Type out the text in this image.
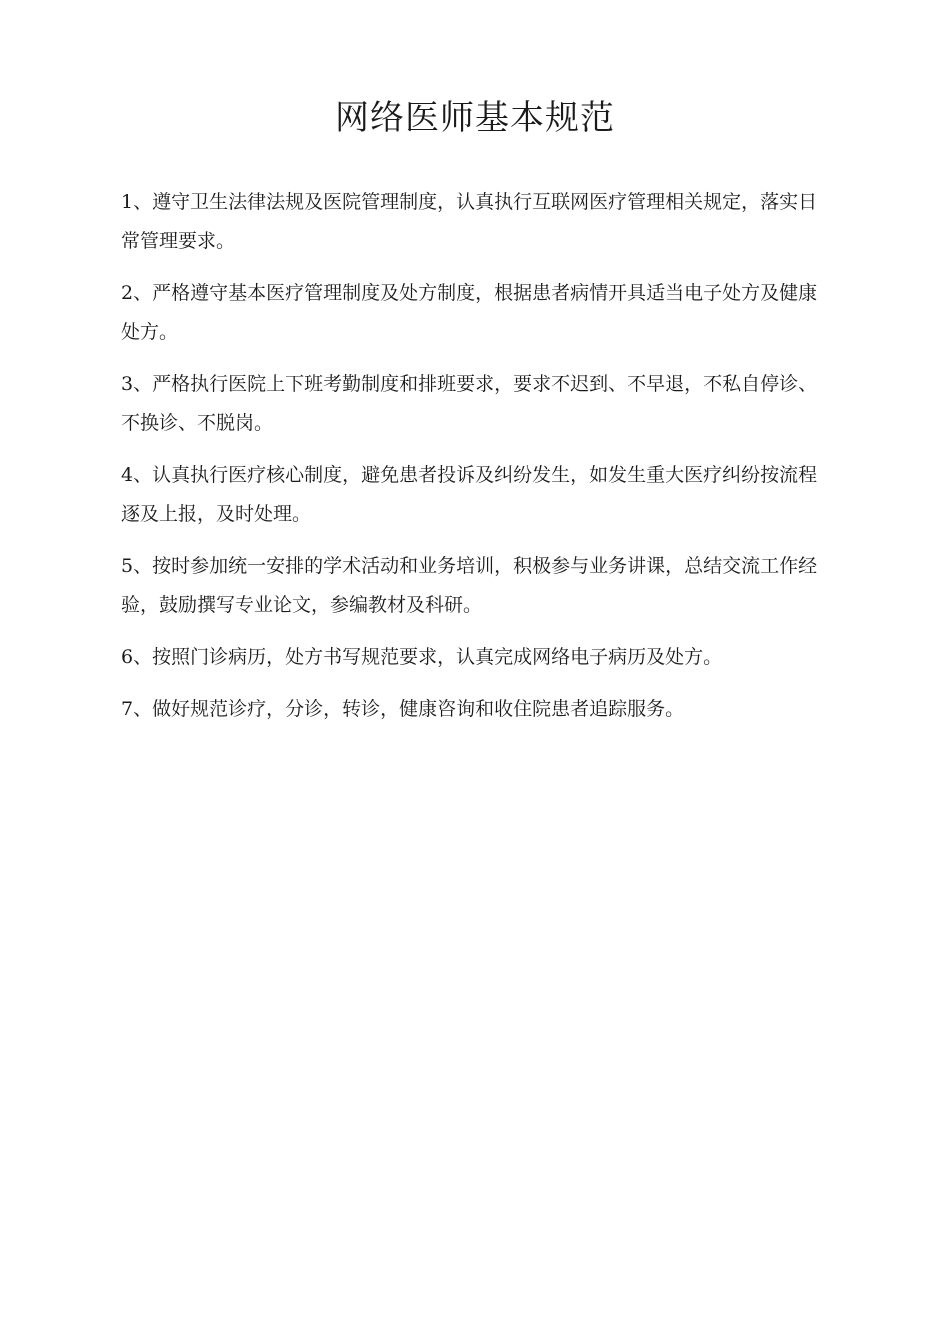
网络医师基本规范
1、遵守卫生法律法规及医院管理制度，认真执行互联网医疗管理相关规定，落实日常管理要求。
2、严格遵守基本医疗管理制度及处方制度，根据患者病情开具适当电子处方及健康处方。
3、严格执行医院上下班考勤制度和排班要求，要求不迟到、不早退，不私自停诊、不换诊、不脱岗。
4、认真执行医疗核心制度，避免患者投诉及纠纷发生，如发生重大医疗纠纷按流程逐及上报，及时处理。
5、按时参加统一安排的学术活动和业务培训，积极参与业务讲课，总结交流工作经验，鼓励撰写专业论文，参编教材及科研。
6、按照门诊病历，处方书写规范要求，认真完成网络电子病历及处方。
7、做好规范诊疗，分诊，转诊，健康咨询和收住院患者追踪服务。
